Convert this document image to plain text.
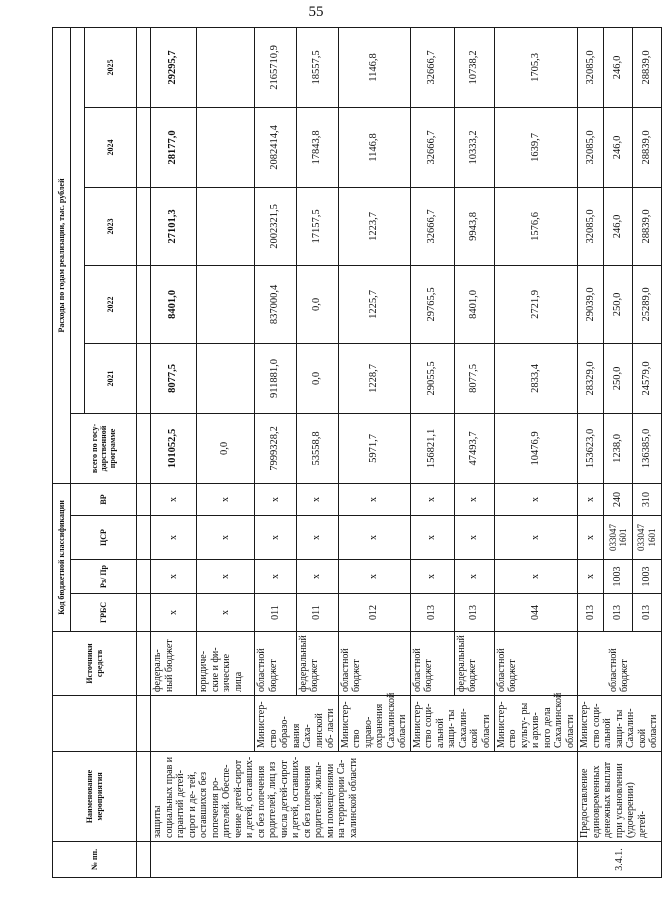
55
№ пп.	Наименование мероприятия		Источники средств	Код бюджетной классификации				Расходы по годам реализации, тыс. рублей					
				ГРБС	Рз/ Пр	ЦСР	ВР	всего по госу- дарственной программе					
									2021	2022	2023	2024	2025

	защиты социальных прав и гарантий детей-сирот и де- тей, оставшихся без попечения ро- дителей. Обеспе- чение детей-сирот и детей, оставших- ся без попечения родителей, лиц из числа детей-сирот и детей, оставших- ся без попечения родителей, жилы- ми помещениями на территории Са- халинской области		федераль- ный бюджет	х	х	х	х	101052,5	8077,5	8401,0	27101,3	28177,0	29295,7
			юридиче- ские и фи- зические лица	х	х	х	х	0,0					
		Министер- ство образо- вания Саха- линской об- ласти	областной бюджет	011	х	х	х	7999328,2	911881,0	837000,4	2002321,5	2082414,4	2165710,9
			федеральный бюджет	011	х	х	х	53558,8	0,0	0,0	17157,5	17843,8	18557,5
		Министер- ство здраво- охранения Сахалинской области	областной бюджет	012	х	х	х	5971,7	1228,7	1225,7	1223,7	1146,8	1146,8
		Министер- ство соци- альной защи- ты Сахалин- ской области	областной бюджет	013	х	х	х	156821,1	29055,5	29765,5	32666,7	32666,7	32666,7
			федеральный бюджет	013	х	х	х	47493,7	8077,5	8401,0	9943,8	10333,2	10738,2
		Министер- ство культу- ры и архив- ного дела Сахалинской области	областной бюджет	044	х	х	х	10476,9	2833,4	2721,9	1576,6	1639,7	1705,3
3.4.1.	Предоставление единовременных денежных выплат при усыновлении (удочерении) детей-	Министер- ство соци- альной защи- ты Сахалин- ской области	областной бюджет	013	х	х	х	153623,0	28329,0	29039,0	32085,0	32085,0	32085,0
				013	1003	033047 1601	240	1238,0	250,0	250,0	246,0	246,0	246,0
				013	1003	033047 1601	310	136385,0	24579,0	25289,0	28839,0	28839,0	28839,0
